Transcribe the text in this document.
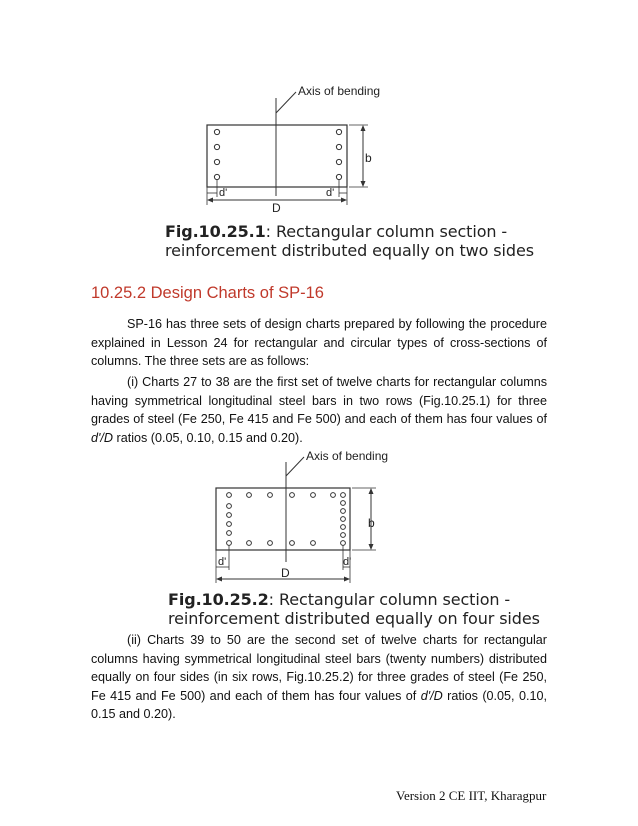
Axis of bending
b
D
d'	d'
Fig.10.25.1: Rectangular column section -
reinforcement distributed equally on two sides
10.25.2 Design Charts of SP-16
SP-16 has three sets of design charts prepared by following the procedure explained in Lesson 24 for rectangular and circular types of cross-sections of columns. The three sets are as follows:
(i) Charts 27 to 38 are the first set of twelve charts for rectangular columns having symmetrical longitudinal steel bars in two rows (Fig.10.25.1) for three grades of steel (Fe 250, Fe 415 and Fe 500) and each of them has four values of d'/D ratios (0.05, 0.10, 0.15 and 0.20).
Axis of bending
b
D
d'	d'
Fig.10.25.2: Rectangular column section -
reinforcement distributed equally on four sides
(ii) Charts 39 to 50 are the second set of twelve charts for rectangular columns having symmetrical longitudinal steel bars (twenty numbers) distributed equally on four sides (in six rows, Fig.10.25.2) for three grades of steel (Fe 250, Fe 415 and Fe 500) and each of them has four values of d'/D ratios (0.05, 0.10, 0.15 and 0.20).
Version 2 CE IIT, Kharagpur
